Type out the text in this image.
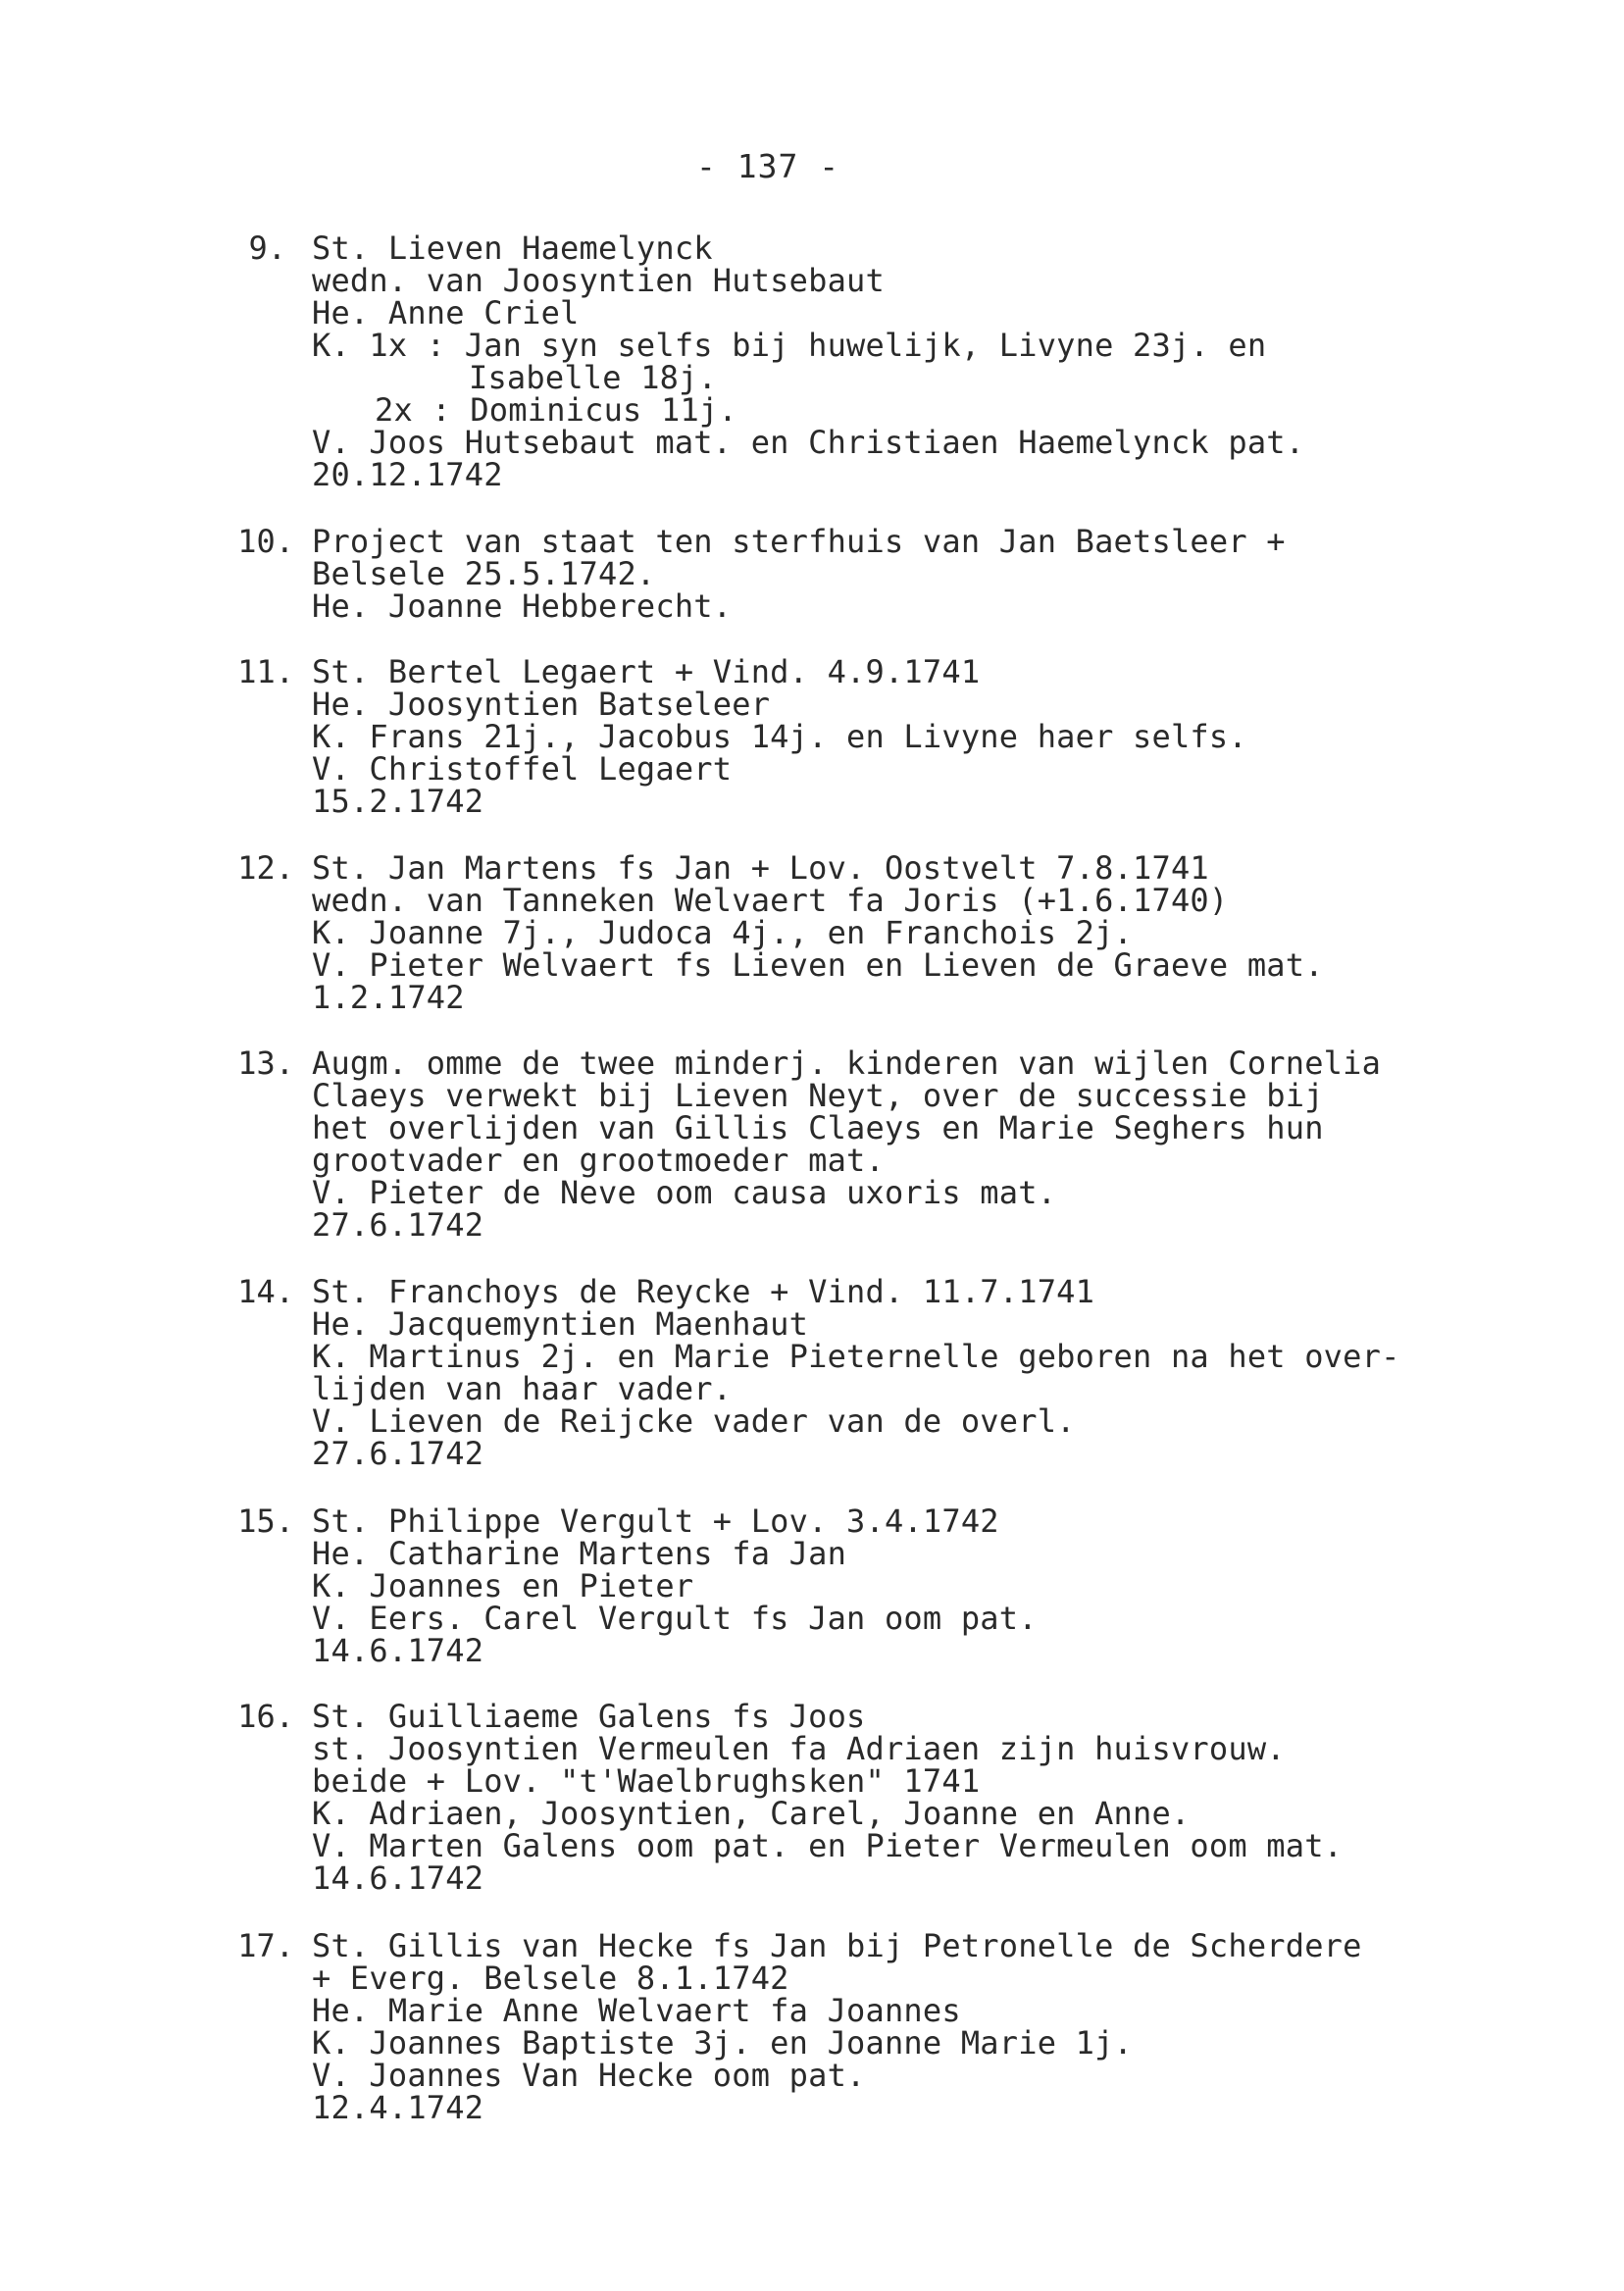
- 137 -
9. St. Lieven Haemelynck
wedn. van Joosyntien Hutsebaut
He. Anne Criel
K. 1x : Jan syn selfs bij huwelijk, Livyne 23j. en
Isabelle 18j.
2x : Dominicus 11j.
V. Joos Hutsebaut mat. en Christiaen Haemelynck pat.
20.12.1742
10. Project van staat ten sterfhuis van Jan Baetsleer +
Belsele 25.5.1742.
He. Joanne Hebberecht.
11. St. Bertel Legaert + Vind. 4.9.1741
He. Joosyntien Batseleer
K. Frans 21j., Jacobus 14j. en Livyne haer selfs.
V. Christoffel Legaert
15.2.1742
12. St. Jan Martens fs Jan + Lov. Oostvelt 7.8.1741
wedn. van Tanneken Welvaert fa Joris (+1.6.1740)
K. Joanne 7j., Judoca 4j., en Franchois 2j.
V. Pieter Welvaert fs Lieven en Lieven de Graeve mat.
1.2.1742
13. Augm. omme de twee minderj. kinderen van wijlen Cornelia
Claeys verwekt bij Lieven Neyt, over de successie bij
het overlijden van Gillis Claeys en Marie Seghers hun
grootvader en grootmoeder mat.
V. Pieter de Neve oom causa uxoris mat.
27.6.1742
14. St. Franchoys de Reycke + Vind. 11.7.1741
He. Jacquemyntien Maenhaut
K. Martinus 2j. en Marie Pieternelle geboren na het over-
lijden van haar vader.
V. Lieven de Reijcke vader van de overl.
27.6.1742
15. St. Philippe Vergult + Lov. 3.4.1742
He. Catharine Martens fa Jan
K. Joannes en Pieter
V. Eers. Carel Vergult fs Jan oom pat.
14.6.1742
16. St. Guilliaeme Galens fs Joos
st. Joosyntien Vermeulen fa Adriaen zijn huisvrouw.
beide + Lov. "t'Waelbrughsken" 1741
K. Adriaen, Joosyntien, Carel, Joanne en Anne.
V. Marten Galens oom pat. en Pieter Vermeulen oom mat.
14.6.1742
17. St. Gillis van Hecke fs Jan bij Petronelle de Scherdere
+ Everg. Belsele 8.1.1742
He. Marie Anne Welvaert fa Joannes
K. Joannes Baptiste 3j. en Joanne Marie 1j.
V. Joannes Van Hecke oom pat.
12.4.1742
